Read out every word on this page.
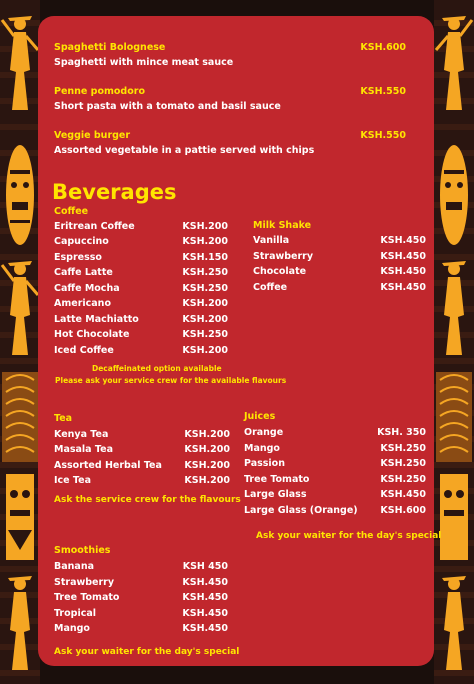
Spaghetti Bolognese	KSH.600
Spaghetti with mince meat sauce
Penne pomodoro	KSH.550
Short pasta with a tomato and basil sauce
Veggie burger	KSH.550
Assorted vegetable in a pattie served with chips
Beverages
Coffee
Eritrean Coffee	KSH.200
Capuccino	KSH.200
Espresso	KSH.150
Caffe Latte	KSH.250
Caffe Mocha	KSH.250
Americano	KSH.200
Latte Machiatto	KSH.200
Hot Chocolate	KSH.250
Iced Coffee	KSH.200
Decaffeinated option available
Please ask your service crew for the available flavours
Milk Shake
Vanilla	KSH.450
Strawberry	KSH.450
Chocolate	KSH.450
Coffee	KSH.450
Tea
Kenya Tea	KSH.200
Masala Tea	KSH.200
Assorted Herbal Tea	KSH.200
Ice Tea	KSH.200
Ask the service crew for the flavours
Juices
Orange	KSH. 350
Mango	KSH.250
Passion	KSH.250
Tree Tomato	KSH.250
Large Glass	KSH.450
Large Glass (Orange)	KSH.600
Ask your waiter for the day's special
Smoothies
Banana	KSH 450
Strawberry	KSH.450
Tree Tomato	KSH.450
Tropical	KSH.450
Mango	KSH.450
Ask your waiter for the day's special
